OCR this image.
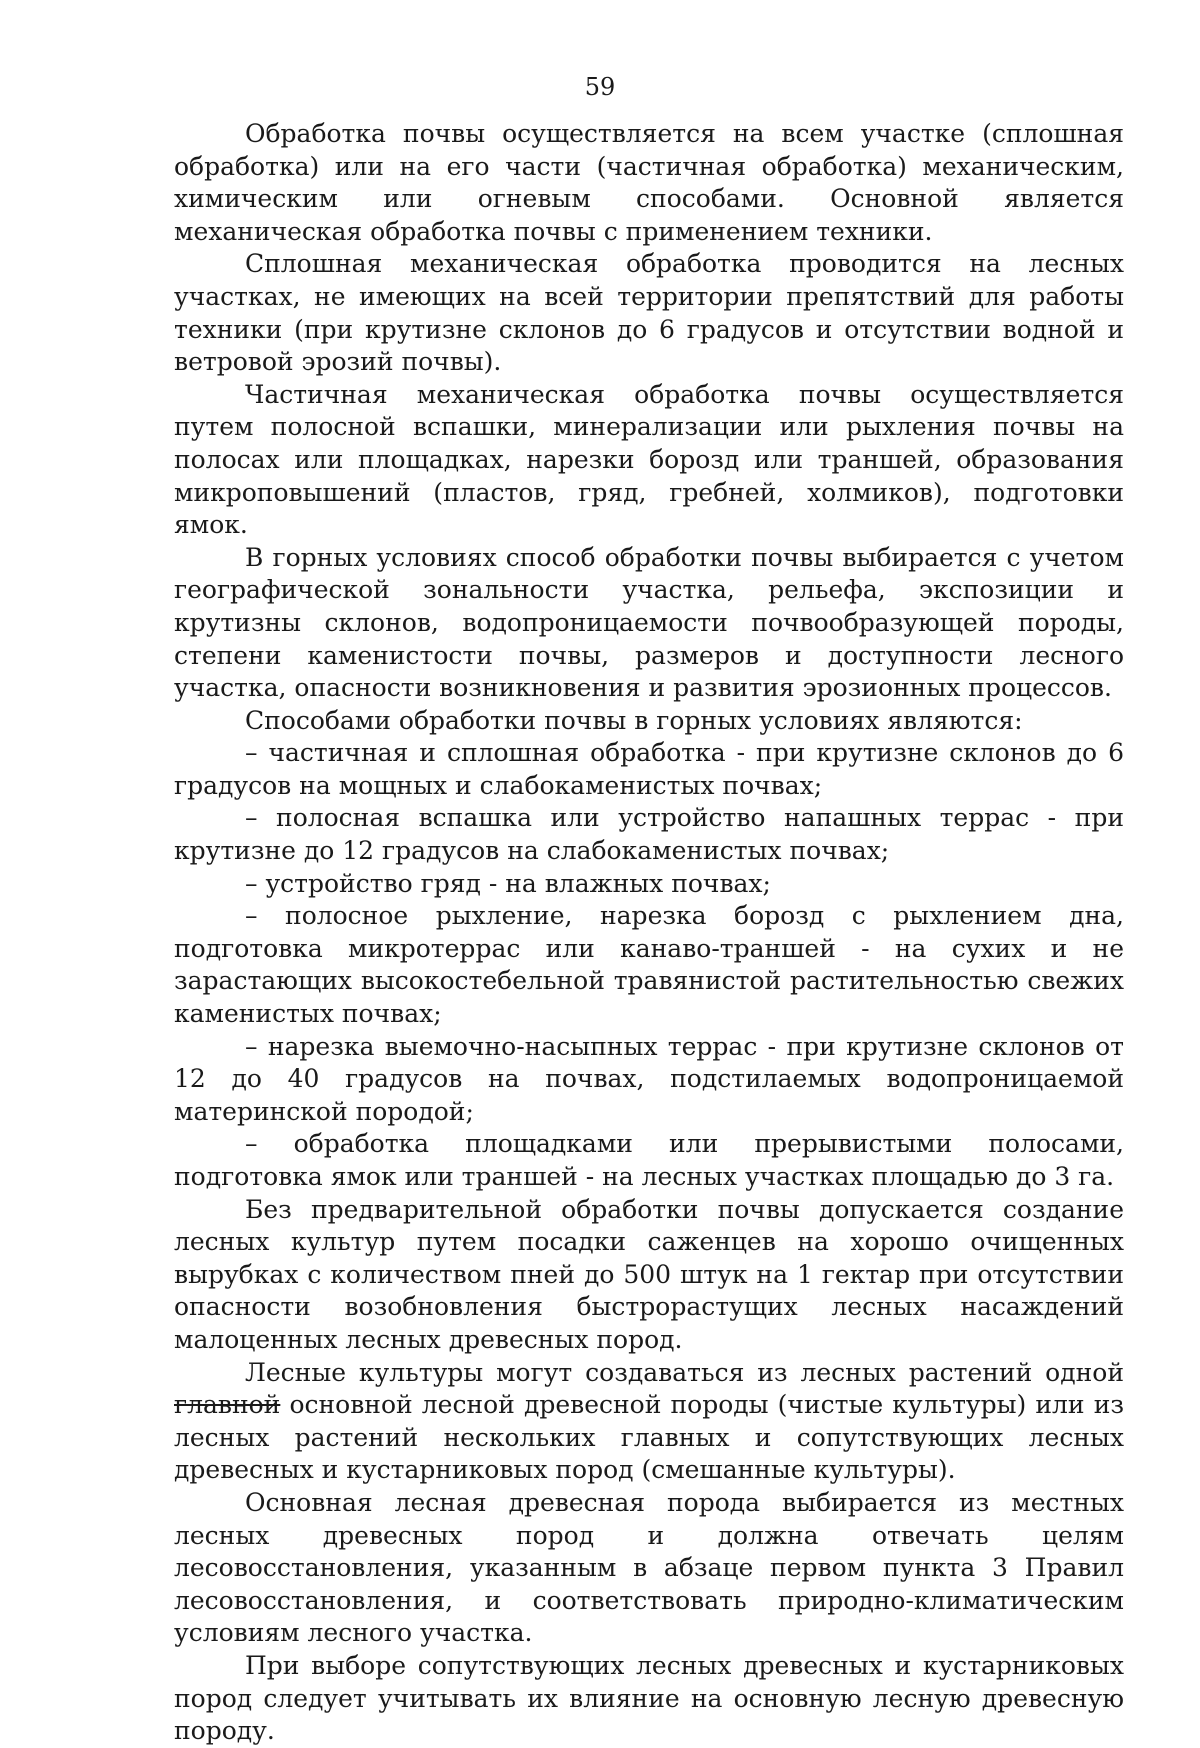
59

Обработка почвы осуществляется на всем участке (сплошная обработка) или на его части (частичная обработка) механическим, химическим или огневым способами. Основной является механическая обработка почвы с применением техники.

Сплошная механическая обработка проводится на лесных участках, не имеющих на всей территории препятствий для работы техники (при крутизне склонов до 6 градусов и отсутствии водной и ветровой эрозий почвы).

Частичная механическая обработка почвы осуществляется путем полосной вспашки, минерализации или рыхления почвы на полосах или площадках, нарезки борозд или траншей, образования микроповышений (пластов, гряд, гребней, холмиков), подготовки ямок.

В горных условиях способ обработки почвы выбирается с учетом географической зональности участка, рельефа, экспозиции и крутизны склонов, водопроницаемости почвообразующей породы, степени каменистости почвы, размеров и доступности лесного участка, опасности возникновения и развития эрозионных процессов.

Способами обработки почвы в горных условиях являются:

– частичная и сплошная обработка - при крутизне склонов до 6 градусов на мощных и слабокаменистых почвах;

– полосная вспашка или устройство напашных террас - при крутизне до 12 градусов на слабокаменистых почвах;

– устройство гряд - на влажных почвах;

– полосное рыхление, нарезка борозд с рыхлением дна, подготовка микротеррас или канаво-траншей - на сухих и не зарастающих высокостебельной травянистой растительностью свежих каменистых почвах;

– нарезка выемочно-насыпных террас - при крутизне склонов от 12 до 40 градусов на почвах, подстилаемых водопроницаемой материнской породой;

– обработка площадками или прерывистыми полосами, подготовка ямок или траншей - на лесных участках площадью до 3 га.

Без предварительной обработки почвы допускается создание лесных культур путем посадки саженцев на хорошо очищенных вырубках с количеством пней до 500 штук на 1 гектар при отсутствии опасности возобновления быстрорастущих лесных насаждений малоценных лесных древесных пород.

Лесные культуры могут создаваться из лесных растений одной главной основной лесной древесной породы (чистые культуры) или из лесных растений нескольких главных и сопутствующих лесных древесных и кустарниковых пород (смешанные культуры).

Основная лесная древесная порода выбирается из местных лесных древесных пород и должна отвечать целям лесовосстановления, указанным в абзаце первом пункта 3 Правил лесовосстановления, и соответствовать природно-климатическим условиям лесного участка.

При выборе сопутствующих лесных древесных и кустарниковых пород следует учитывать их влияние на основную лесную древесную породу.
